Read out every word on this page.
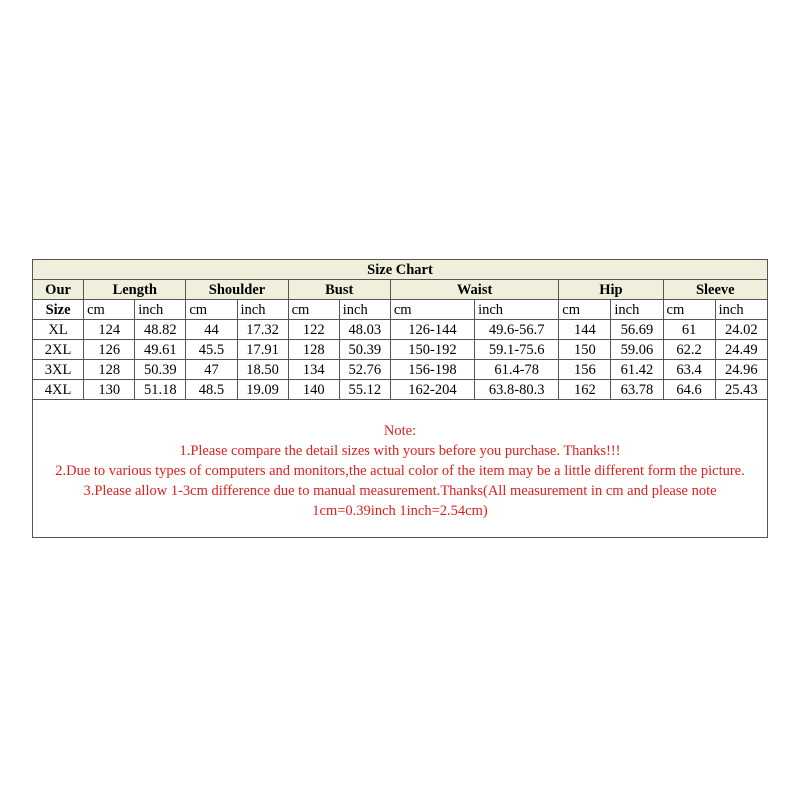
Size Chart												
Our	Length		Shoulder		Bust		Waist		Hip		Sleeve	
Size	cm	inch	cm	inch	cm	inch	cm	inch	cm	inch	cm	inch
XL	124	48.82	44	17.32	122	48.03	126-144	49.6-56.7	144	56.69	61	24.02
2XL	126	49.61	45.5	17.91	128	50.39	150-192	59.1-75.6	150	59.06	62.2	24.49
3XL	128	50.39	47	18.50	134	52.76	156-198	61.4-78	156	61.42	63.4	24.96
4XL	130	51.18	48.5	19.09	140	55.12	162-204	63.8-80.3	162	63.78	64.6	25.43
Note:
1.Please compare the detail sizes with yours before you purchase. Thanks!!!
2.Due to various types of computers and monitors,the actual color of the item may be a little different form the picture.
3.Please allow 1-3cm difference due to manual measurement.Thanks(All measurement in cm and please note
1cm=0.39inch 1inch=2.54cm)
